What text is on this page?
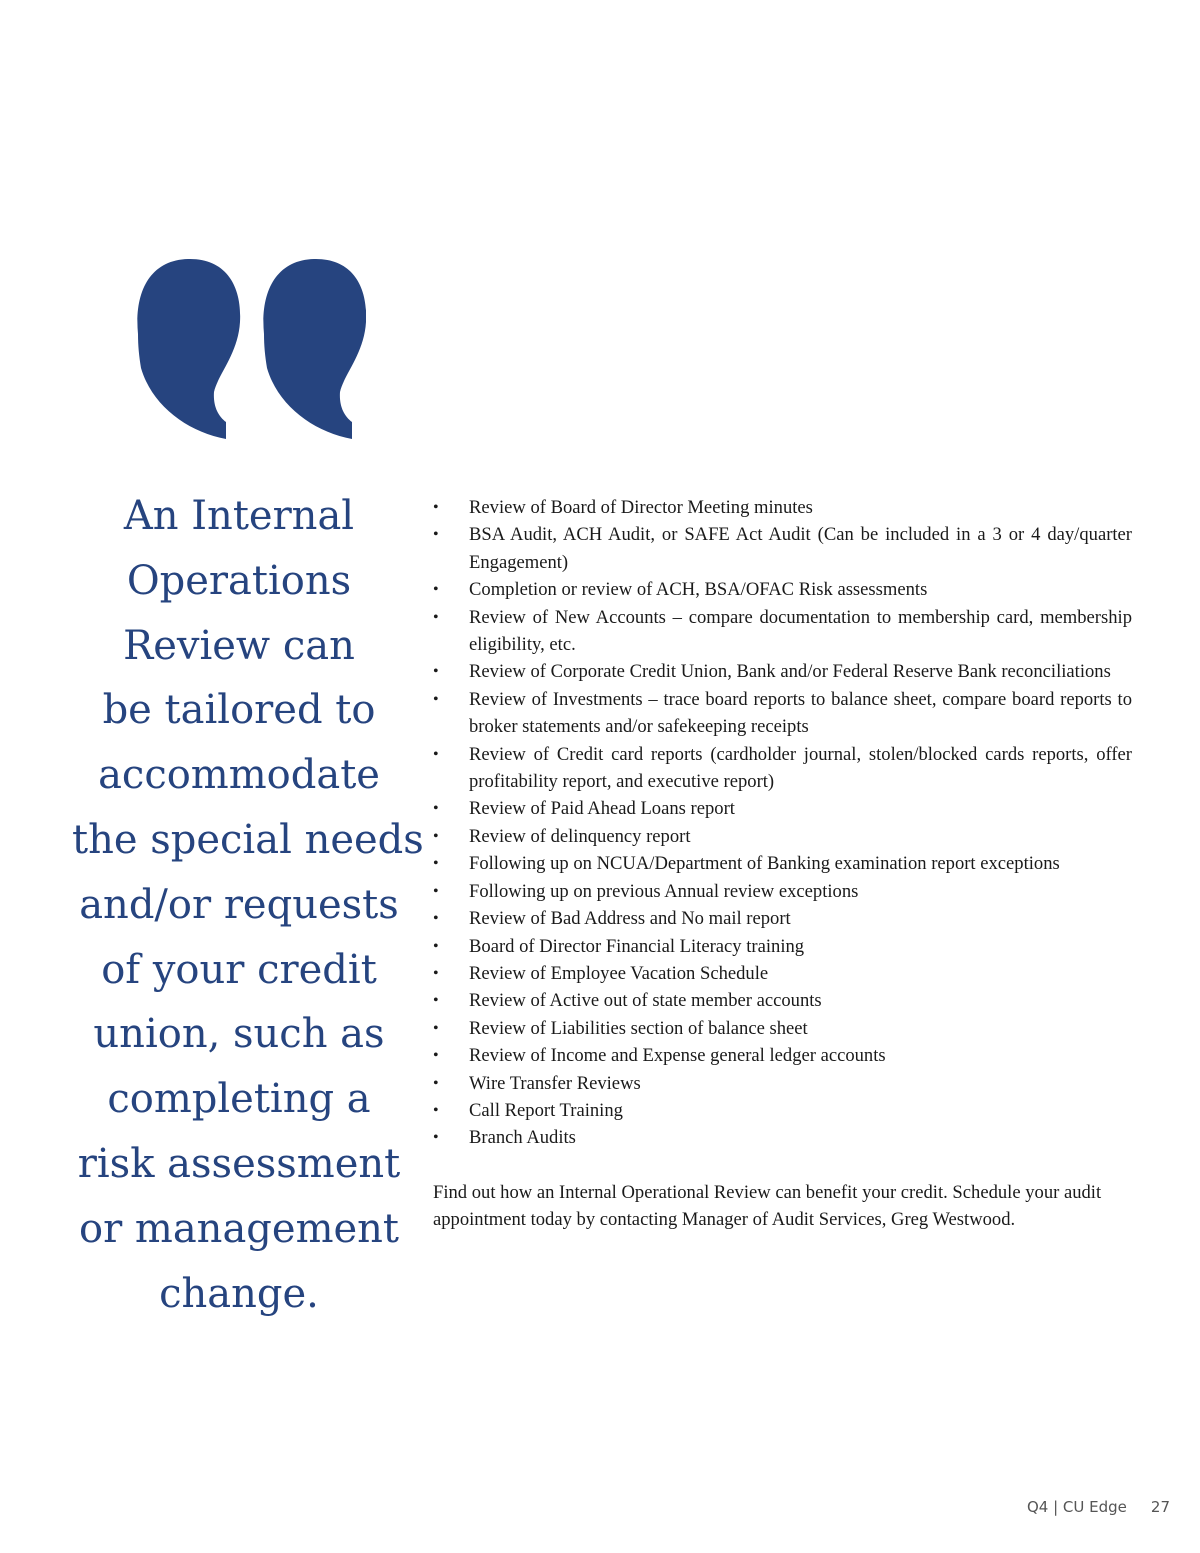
An Internal
Operations
Review can
be tailored to
accommodate
the special needs
and/or requests
of your credit
union, such as
completing a
risk assessment
or management
change.
• Review of Board of Director Meeting minutes
• BSA Audit, ACH Audit, or SAFE Act Audit (Can be included in a 3 or 4 day/quarter Engagement)
• Completion or review of ACH, BSA/OFAC Risk assessments
• Review of New Accounts – compare documentation to membership card, membership eligibility, etc.
• Review of Corporate Credit Union, Bank and/or Federal Reserve Bank reconciliations
• Review of Investments – trace board reports to balance sheet, compare board reports to broker statements and/or safekeeping receipts
• Review of Credit card reports (cardholder journal, stolen/blocked cards reports, offer profitability report, and executive report)
• Review of Paid Ahead Loans report
• Review of delinquency report
• Following up on NCUA/Department of Banking examination report exceptions
• Following up on previous Annual review exceptions
• Review of Bad Address and No mail report
• Board of Director Financial Literacy training
• Review of Employee Vacation Schedule
• Review of Active out of state member accounts
• Review of Liabilities section of balance sheet
• Review of Income and Expense general ledger accounts
• Wire Transfer Reviews
• Call Report Training
• Branch Audits

Find out how an Internal Operational Review can benefit your credit. Schedule your audit appointment today by contacting Manager of Audit Services, Greg Westwood.

Q4 | CU Edge 27
